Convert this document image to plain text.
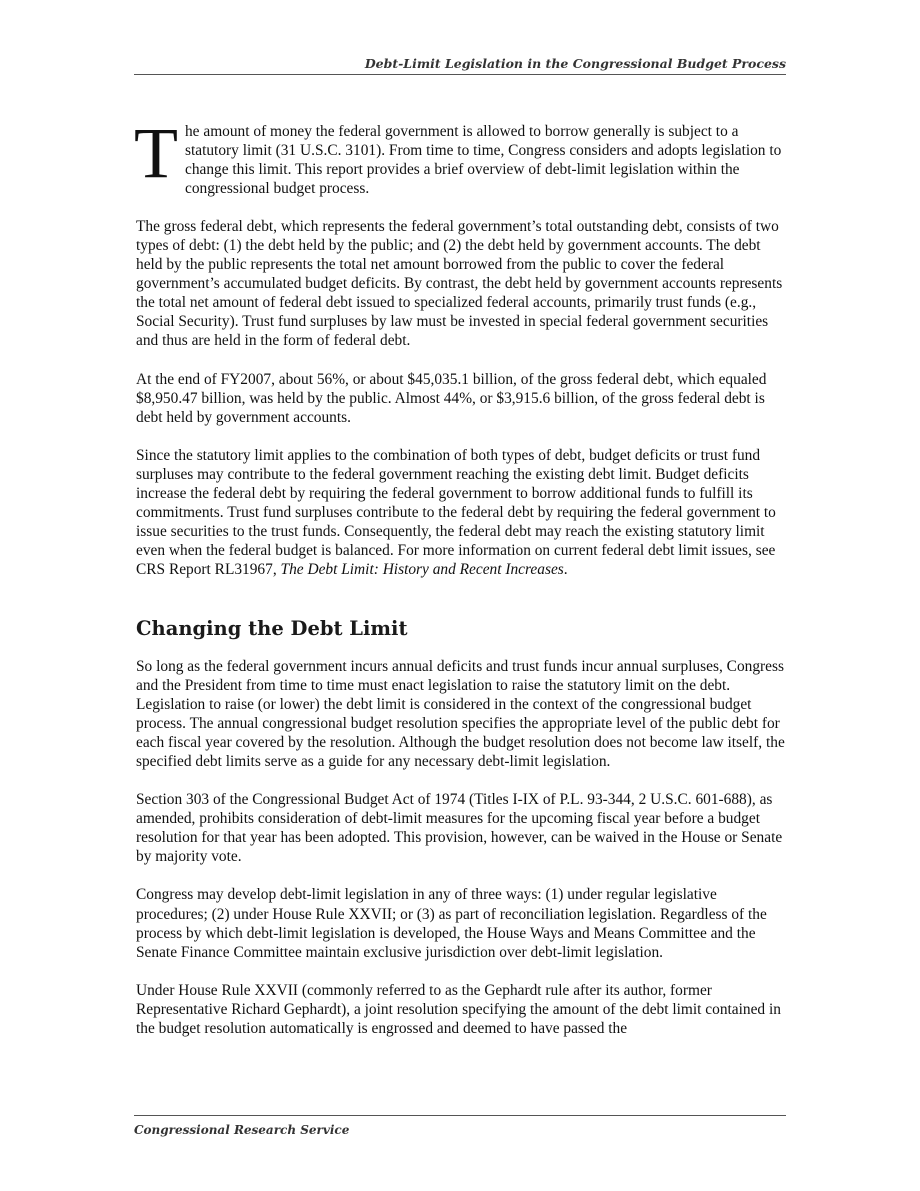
Debt-Limit Legislation in the Congressional Budget Process

The amount of money the federal government is allowed to borrow generally is subject to a statutory limit (31 U.S.C. 3101). From time to time, Congress considers and adopts legislation to change this limit. This report provides a brief overview of debt-limit legislation within the congressional budget process.

The gross federal debt, which represents the federal government’s total outstanding debt, consists of two types of debt: (1) the debt held by the public; and (2) the debt held by government accounts. The debt held by the public represents the total net amount borrowed from the public to cover the federal government’s accumulated budget deficits. By contrast, the debt held by government accounts represents the total net amount of federal debt issued to specialized federal accounts, primarily trust funds (e.g., Social Security). Trust fund surpluses by law must be invested in special federal government securities and thus are held in the form of federal debt.

At the end of FY2007, about 56%, or about $45,035.1 billion, of the gross federal debt, which equaled $8,950.47 billion, was held by the public. Almost 44%, or $3,915.6 billion, of the gross federal debt is debt held by government accounts.

Since the statutory limit applies to the combination of both types of debt, budget deficits or trust fund surpluses may contribute to the federal government reaching the existing debt limit. Budget deficits increase the federal debt by requiring the federal government to borrow additional funds to fulfill its commitments. Trust fund surpluses contribute to the federal debt by requiring the federal government to issue securities to the trust funds. Consequently, the federal debt may reach the existing statutory limit even when the federal budget is balanced. For more information on current federal debt limit issues, see CRS Report RL31967, The Debt Limit: History and Recent Increases.

Changing the Debt Limit

So long as the federal government incurs annual deficits and trust funds incur annual surpluses, Congress and the President from time to time must enact legislation to raise the statutory limit on the debt. Legislation to raise (or lower) the debt limit is considered in the context of the congressional budget process. The annual congressional budget resolution specifies the appropriate level of the public debt for each fiscal year covered by the resolution. Although the budget resolution does not become law itself, the specified debt limits serve as a guide for any necessary debt-limit legislation.

Section 303 of the Congressional Budget Act of 1974 (Titles I-IX of P.L. 93-344, 2 U.S.C. 601-688), as amended, prohibits consideration of debt-limit measures for the upcoming fiscal year before a budget resolution for that year has been adopted. This provision, however, can be waived in the House or Senate by majority vote.

Congress may develop debt-limit legislation in any of three ways: (1) under regular legislative procedures; (2) under House Rule XXVII; or (3) as part of reconciliation legislation. Regardless of the process by which debt-limit legislation is developed, the House Ways and Means Committee and the Senate Finance Committee maintain exclusive jurisdiction over debt-limit legislation.

Under House Rule XXVII (commonly referred to as the Gephardt rule after its author, former Representative Richard Gephardt), a joint resolution specifying the amount of the debt limit contained in the budget resolution automatically is engrossed and deemed to have passed the

Congressional Research Service
